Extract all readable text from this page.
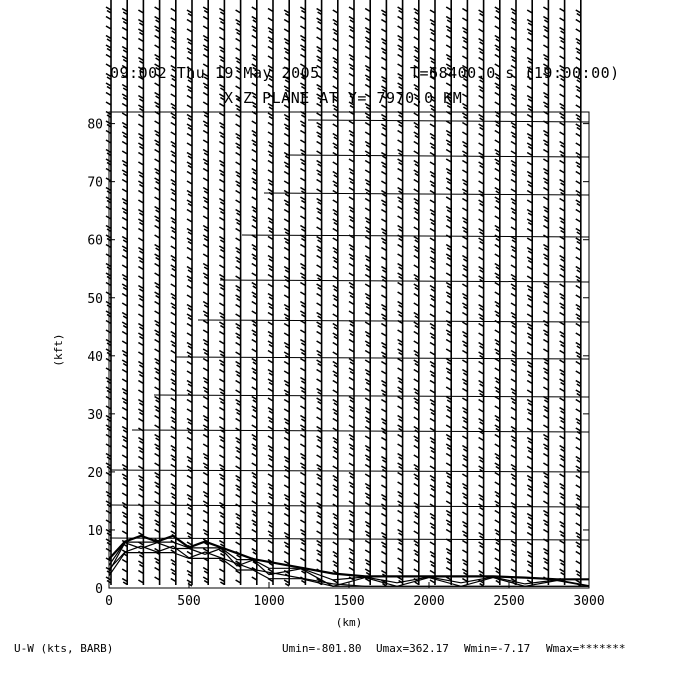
0	500	1000	1500	2000	2500	3000
0
10
20
30
40
50
60
70
80
(km)
(kft)
09:002 Thu 19 May 2005	T=68400.0 s (19:00:00)
X-Z PLANE AT Y= 7970.0 KM
U-W (kts, BARB)	Umin=-801.80 Umax=362.17 Wmin=-7.17 Wmax=*******
